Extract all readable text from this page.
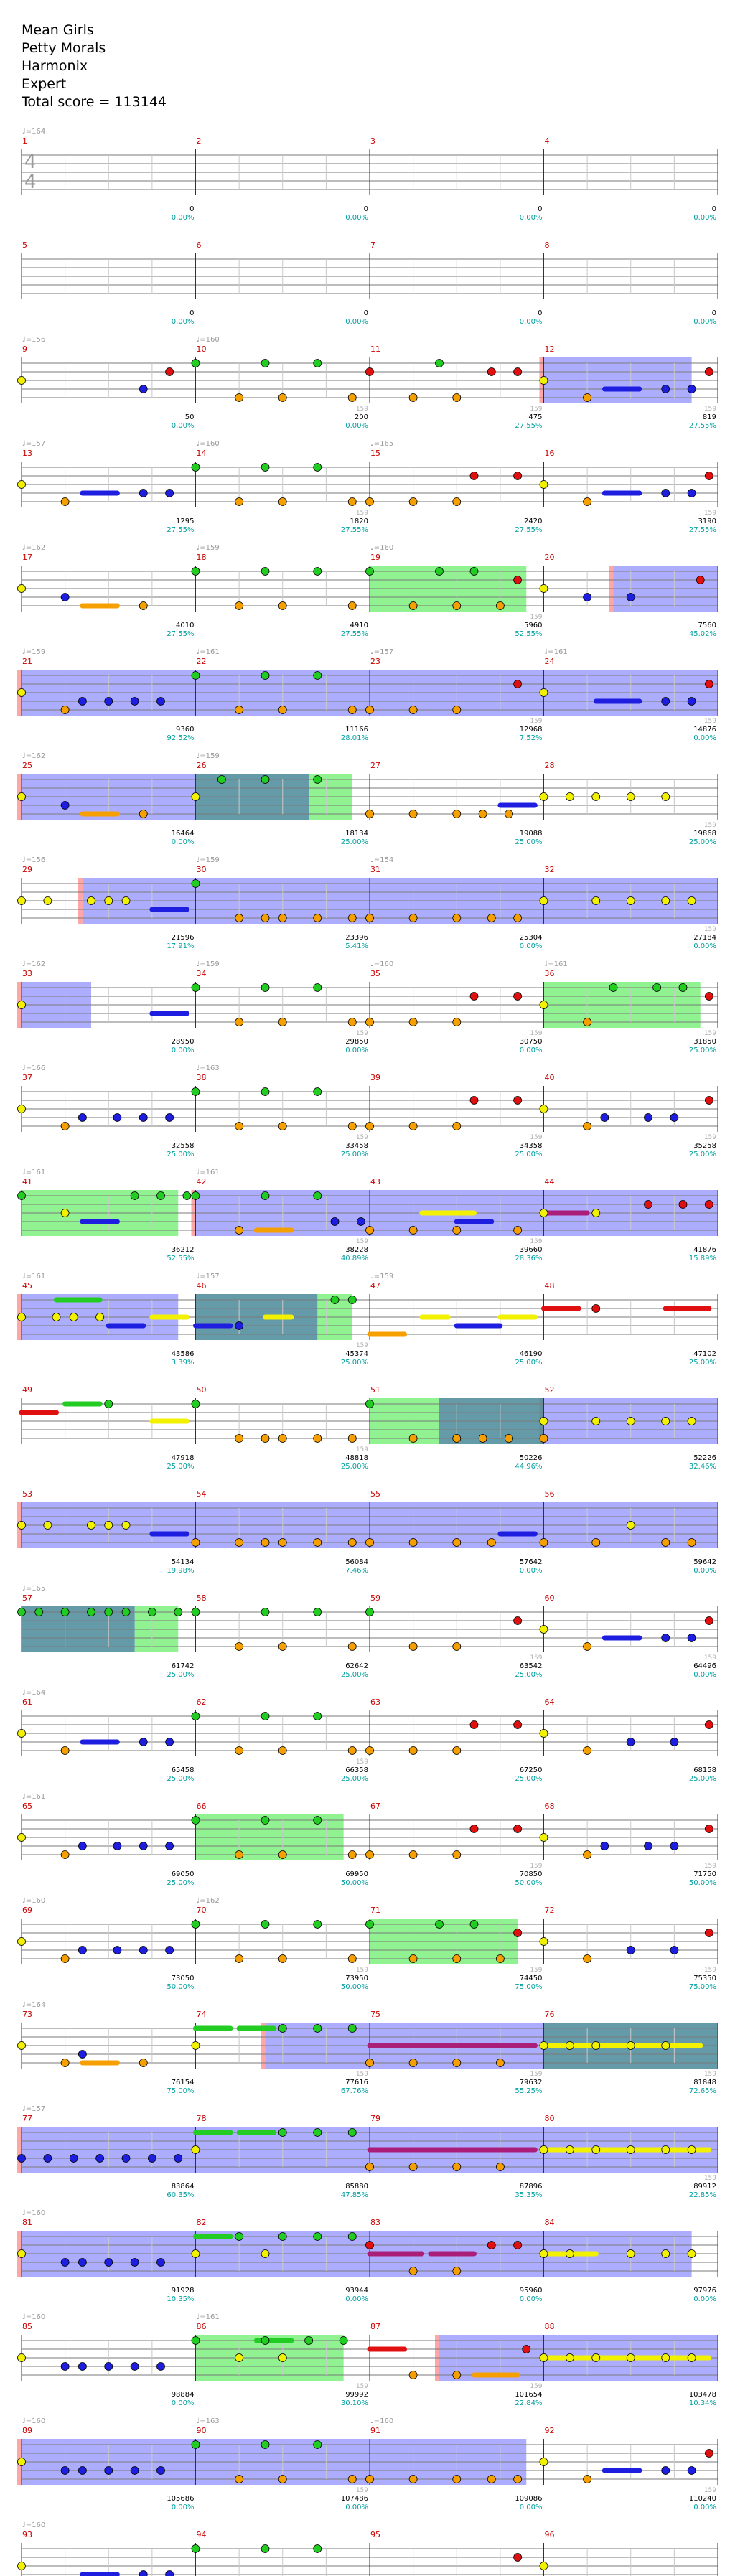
Mean Girls
Petty Morals
Harmonix
Expert
Total score = 113144
1	2	3	4
♩=164
4
4
0
0.00%
0
0.00%
0
0.00%
0
0.00%
5	6	7	8
0
0.00%
0
0.00%
0
0.00%
0
0.00%
9	10	11	12
♩=156	♩=160
50
0.00%
159
200
0.00%
159
475
27.55%
159
819
27.55%
13	14	15	16
♩=157	♩=160	♩=165
1295
27.55%
159
1820
27.55%
2420
27.55%
159
3190
27.55%
17	18	19	20
♩=162	♩=159	♩=160
4010
27.55%
4910
27.55%
159
5960
52.55%
7560
45.02%
21	22	23	24
♩=159	♩=161	♩=157	♩=161
9360
92.52%
11166
28.01%
159
12968
7.52%
159
14876
0.00%
25	26	27	28
♩=162	♩=159
16464
0.00%
18134
25.00%
19088
25.00%
159
19868
25.00%
29	30	31	32
♩=156	♩=159	♩=154
21596
17.91%
23396
5.41%
25304
0.00%
159
27184
0.00%
33	34	35	36
♩=162	♩=159	♩=160	♩=161
28950
0.00%
159
29850
0.00%
159
30750
0.00%
159
31850
25.00%
37	38	39	40
♩=166	♩=163
32558
25.00%
159
33458
25.00%
159
34358
25.00%
159
35258
25.00%
41	42	43	44
♩=161	♩=161
36212
52.55%
159
38228
40.89%
159
39660
28.36%
41876
15.89%
45	46	47	48
♩=161	♩=157	♩=159
43586
3.39%
159
45374
25.00%
46190
25.00%
47102
25.00%
49	50	51	52
47918
25.00%
159
48818
25.00%
50226
44.96%
52226
32.46%
53	54	55	56
54134
19.98%
56084
7.46%
57642
0.00%
59642
0.00%
57	58	59	60
♩=165
61742
25.00%
62642
25.00%
159
63542
25.00%
159
64496
0.00%
61	62	63	64
♩=164
65458
25.00%
159
66358
25.00%
67250
25.00%
68158
25.00%
65	66	67	68
♩=161
69050
25.00%
69950
50.00%
159
70850
50.00%
159
71750
50.00%
69	70	71	72
♩=160	♩=162
73050
50.00%
159
73950
50.00%
159
74450
75.00%
159
75350
75.00%
73	74	75	76
♩=164
76154
75.00%
159
77616
67.76%
159
79632
55.25%
159
81848
72.65%
77	78	79	80
♩=157
83864
60.35%
85880
47.85%
87896
35.35%
159
89912
22.85%
81	82	83	84
♩=160
91928
10.35%
93944
0.00%
95960
0.00%
97976
0.00%
85	86	87	88
♩=160	♩=161
98884
0.00%
159
99992
30.10%
159
101654
22.84%
103478
10.34%
89	90	91	92
♩=160	♩=163	♩=160
105686
0.00%
159
107486
0.00%
109086
0.00%
159
110240
0.00%
93	94	95	96
♩=160
